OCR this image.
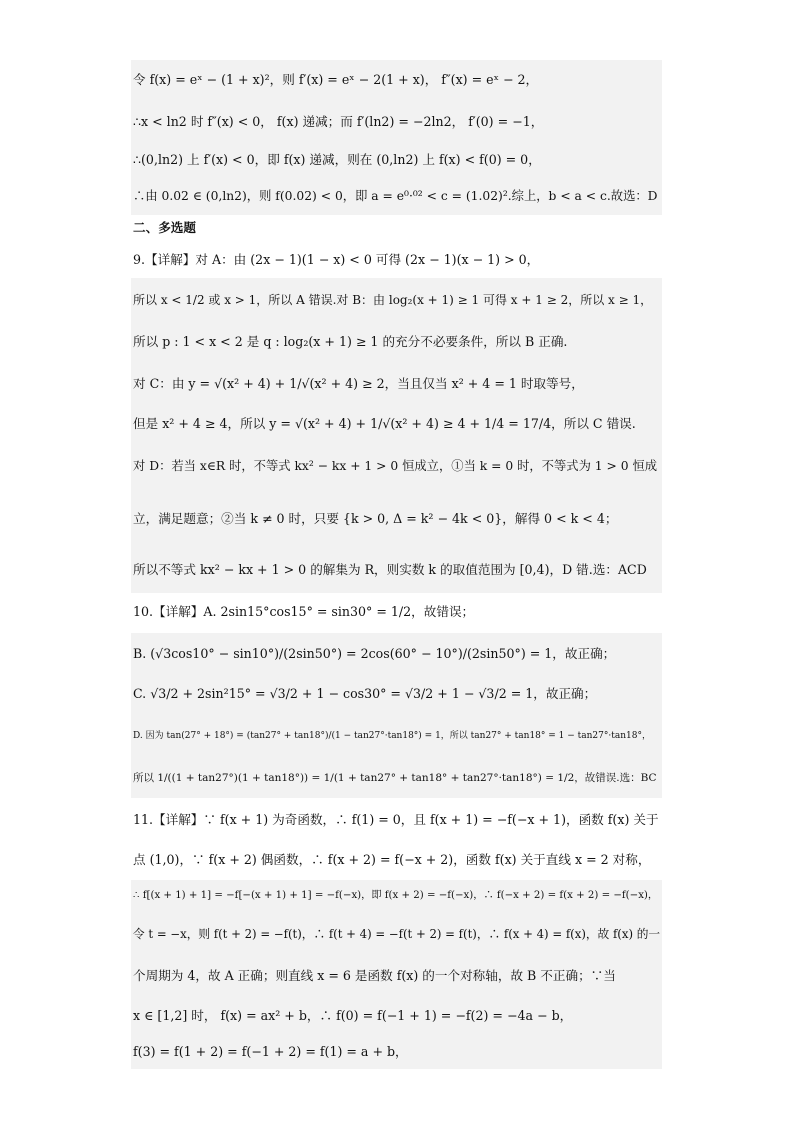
令 f(x) = eˣ − (1 + x)²，则 f′(x) = eˣ − 2(1 + x)， f″(x) = eˣ − 2，
∴x < ln2 时 f″(x) < 0， f(x) 递减；而 f′(ln2) = −2ln2， f′(0) = −1，
∴(0,ln2) 上 f′(x) < 0，即 f(x) 递减，则在 (0,ln2) 上 f(x) < f(0) = 0，
∴由 0.02 ∈ (0,ln2)，则 f(0.02) < 0，即 a = e⁰·⁰² < c = (1.02)².综上，b < a < c.故选：D
二、多选题
9.【详解】对 A：由 (2x − 1)(1 − x) < 0 可得 (2x − 1)(x − 1) > 0，
所以 x < 1/2 或 x > 1，所以 A 错误.对 B：由 log₂(x + 1) ≥ 1 可得 x + 1 ≥ 2，所以 x ≥ 1，
所以 p : 1 < x < 2 是 q : log₂(x + 1) ≥ 1 的充分不必要条件，所以 B 正确.
对 C：由 y = √(x² + 4) + 1/√(x² + 4) ≥ 2，当且仅当 x² + 4 = 1 时取等号，
但是 x² + 4 ≥ 4，所以 y = √(x² + 4) + 1/√(x² + 4) ≥ 4 + 1/4 = 17/4，所以 C 错误.
对 D：若当 x∈R 时，不等式 kx² − kx + 1 > 0 恒成立，①当 k = 0 时，不等式为 1 > 0 恒成
立，满足题意；②当 k ≠ 0 时，只要 {k > 0, Δ = k² − 4k < 0}，解得 0 < k < 4；
所以不等式 kx² − kx + 1 > 0 的解集为 R，则实数 k 的取值范围为 [0,4)，D 错.选：ACD
10.【详解】A. 2sin15°cos15° = sin30° = 1/2，故错误；
B. (√3cos10° − sin10°)/(2sin50°) = 2cos(60° − 10°)/(2sin50°) = 1，故正确；
C. √3/2 + 2sin²15° = √3/2 + 1 − cos30° = √3/2 + 1 − √3/2 = 1，故正确；
D. 因为 tan(27° + 18°) = (tan27° + tan18°)/(1 − tan27°·tan18°) = 1，所以 tan27° + tan18° = 1 − tan27°·tan18°，
所以 1/((1 + tan27°)(1 + tan18°)) = 1/(1 + tan27° + tan18° + tan27°·tan18°) = 1/2，故错误.选：BC
11.【详解】∵ f(x + 1) 为奇函数，∴ f(1) = 0，且 f(x + 1) = −f(−x + 1)，函数 f(x) 关于
点 (1,0)，∵ f(x + 2) 偶函数，∴ f(x + 2) = f(−x + 2)，函数 f(x) 关于直线 x = 2 对称，
∴ f[(x + 1) + 1] = −f[−(x + 1) + 1] = −f(−x)，即 f(x + 2) = −f(−x)，∴ f(−x + 2) = f(x + 2) = −f(−x)，
令 t = −x，则 f(t + 2) = −f(t)，∴ f(t + 4) = −f(t + 2) = f(t)，∴ f(x + 4) = f(x)，故 f(x) 的一
个周期为 4，故 A 正确；则直线 x = 6 是函数 f(x) 的一个对称轴，故 B 不正确；∵当
x ∈ [1,2] 时， f(x) = ax² + b，∴ f(0) = f(−1 + 1) = −f(2) = −4a − b，
f(3) = f(1 + 2) = f(−1 + 2) = f(1) = a + b，
